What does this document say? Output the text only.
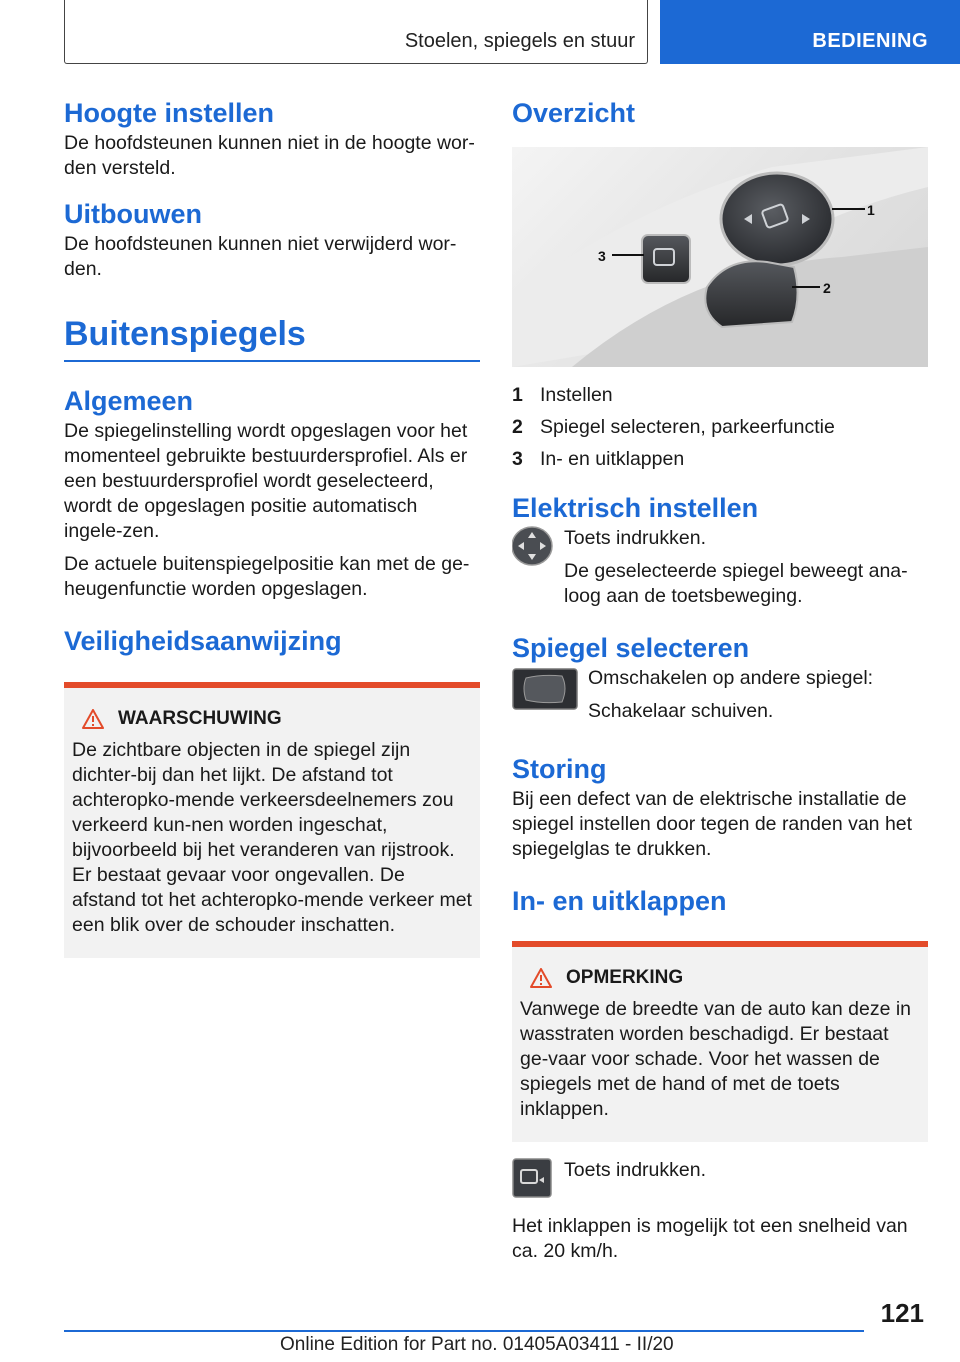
Stoelen, spiegels en stuur	BEDIENING
Hoogte instellen

De hoofdsteunen kunnen niet in de hoogte wor-den versteld.

Uitbouwen

De hoofdsteunen kunnen niet verwijderd wor-den.

Buitenspiegels
Algemeen

De spiegelinstelling wordt opgeslagen voor het momenteel gebruikte bestuurdersprofiel. Als er een bestuurdersprofiel wordt geselecteerd, wordt de opgeslagen positie automatisch ingele-zen.

De actuele buitenspiegelpositie kan met de ge-heugenfunctie worden opgeslagen.

Veiligheidsaanwijzing
WAARSCHUWING

De zichtbare objecten in de spiegel zijn dichter-bij dan het lijkt. De afstand tot achteropko-mende verkeersdeelnemers zou verkeerd kun-nen worden ingeschat, bijvoorbeeld bij het veranderen van rijstrook. Er bestaat gevaar voor ongevallen. De afstand tot het achteropko-mende verkeer met een blik over de schouder inschatten.

Overzicht
1
2
3
1 Instellen
2 Spiegel selecteren, parkeerfunctie
3 In- en uitklappen
Elektrisch instellen

Toets indrukken.

De geselecteerde spiegel beweegt ana-loog aan de toetsbeweging.

Spiegel selecteren

Omschakelen op andere spiegel:

Schakelaar schuiven.

Storing

Bij een defect van de elektrische installatie de spiegel instellen door tegen de randen van het spiegelglas te drukken.

In- en uitklappen
OPMERKING

Vanwege de breedte van de auto kan deze in wasstraten worden beschadigd. Er bestaat ge-vaar voor schade. Voor het wassen de spiegels met de hand of met de toets inklappen.

Toets indrukken.

Het inklappen is mogelijk tot een snelheid van ca. 20 km/h.

121
Online Edition for Part no. 01405A03411 - II/20
